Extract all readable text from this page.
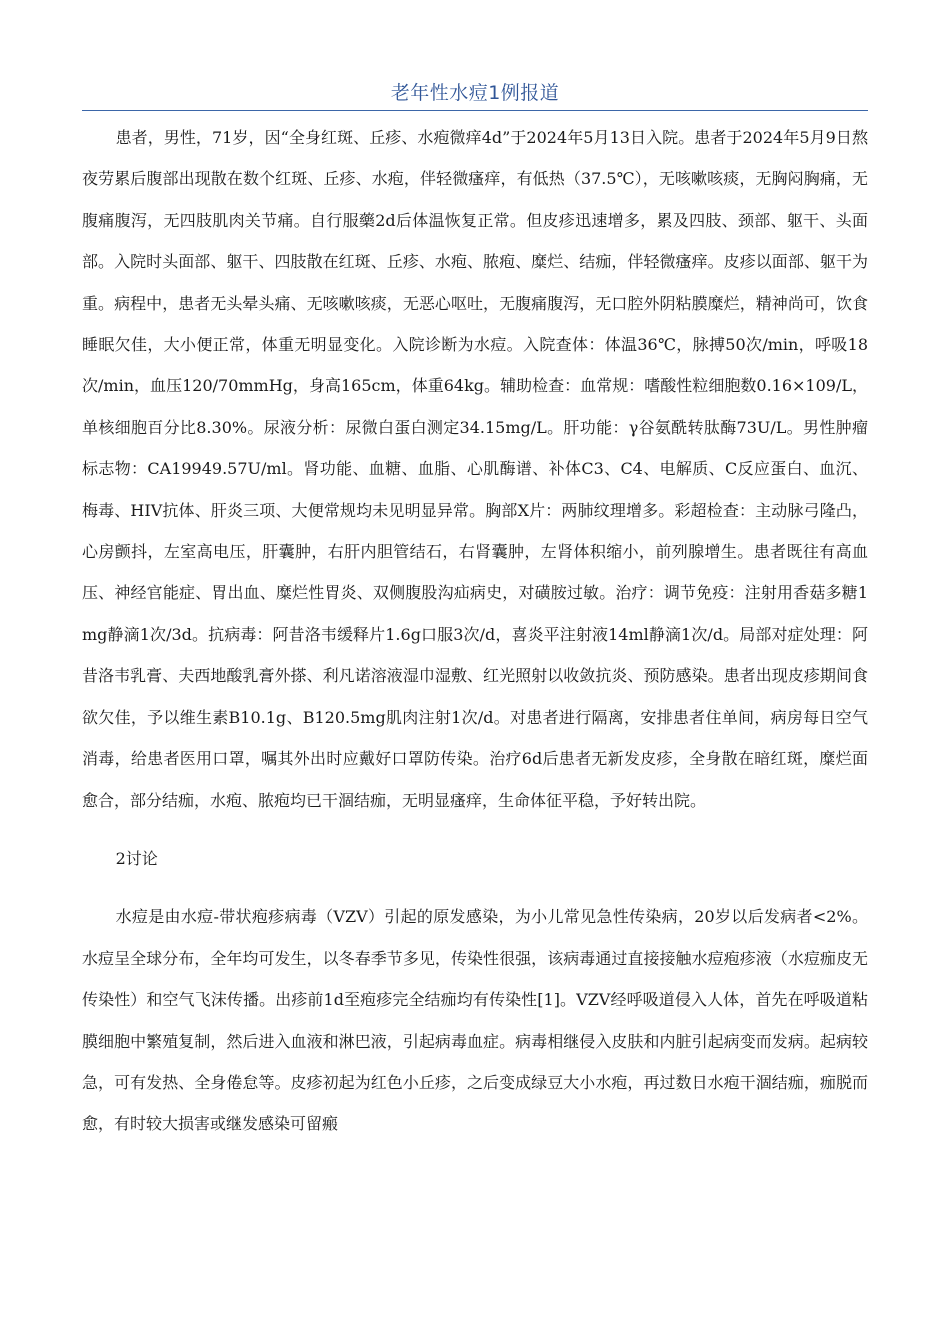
老年性水痘1例报道

患者，男性，71岁，因“全身红斑、丘疹、水疱微痒4d”于2024年5月13日入院。患者于2024年5月9日熬夜劳累后腹部出现散在数个红斑、丘疹、水疱，伴轻微瘙痒，有低热（37.5℃），无咳嗽咳痰，无胸闷胸痛，无腹痛腹泻，无四肢肌肉关节痛。自行服藥2d后体温恢复正常。但皮疹迅速增多，累及四肢、颈部、躯干、头面部。入院时头面部、躯干、四肢散在红斑、丘疹、水疱、脓疱、糜烂、结痂，伴轻微瘙痒。皮疹以面部、躯干为重。病程中，患者无头晕头痛、无咳嗽咳痰，无恶心呕吐，无腹痛腹泻，无口腔外阴粘膜糜烂，精神尚可，饮食睡眠欠佳，大小便正常，体重无明显变化。入院诊断为水痘。入院查体：体温36℃，脉搏50次/min，呼吸18次/min，血压120/70mmHg，身高165cm，体重64kg。辅助检查：血常规：嗜酸性粒细胞数0.16×109/L，单核细胞百分比8.30%。尿液分析：尿微白蛋白测定34.15mg/L。肝功能：γ谷氨酰转肽酶73U/L。男性肿瘤标志物：CA19949.57U/ml。肾功能、血糖、血脂、心肌酶谱、补体C3、C4、电解质、C反应蛋白、血沉、梅毒、HIV抗体、肝炎三项、大便常规均未见明显异常。胸部X片：两肺纹理增多。彩超检查：主动脉弓隆凸，心房颤抖，左室高电压，肝囊肿，右肝内胆管结石，右肾囊肿，左肾体积缩小，前列腺增生。患者既往有高血压、神经官能症、胃出血、糜烂性胃炎、双侧腹股沟疝病史，对磺胺过敏。治疗：调节免疫：注射用香菇多糖1mg静滴1次/3d。抗病毒：阿昔洛韦缓释片1.6g口服3次/d，喜炎平注射液14ml静滴1次/d。局部对症处理：阿昔洛韦乳膏、夫西地酸乳膏外搽、利凡诺溶液湿巾湿敷、红光照射以收敛抗炎、预防感染。患者出现皮疹期间食欲欠佳，予以维生素B10.1g、B120.5mg肌肉注射1次/d。对患者进行隔离，安排患者住单间，病房每日空气消毒，给患者医用口罩，嘱其外出时应戴好口罩防传染。治疗6d后患者无新发皮疹，全身散在暗红斑，糜烂面愈合，部分结痂，水疱、脓疱均已干涸结痂，无明显瘙痒，生命体征平稳，予好转出院。

2讨论

水痘是由水痘-带状疱疹病毒（VZV）引起的原发感染，为小儿常见急性传染病，20岁以后发病者<2%。水痘呈全球分布，全年均可发生，以冬春季节多见，传染性很强，该病毒通过直接接触水痘疱疹液（水痘痂皮无传染性）和空气飞沫传播。出疹前1d至疱疹完全结痂均有传染性[1]。VZV经呼吸道侵入人体，首先在呼吸道粘膜细胞中繁殖复制，然后进入血液和淋巴液，引起病毒血症。病毒相继侵入皮肤和内脏引起病变而发病。起病较急，可有发热、全身倦怠等。皮疹初起为红色小丘疹，之后变成绿豆大小水疱，再过数日水疱干涸结痂，痂脱而愈，有时较大损害或继发感染可留瘢
